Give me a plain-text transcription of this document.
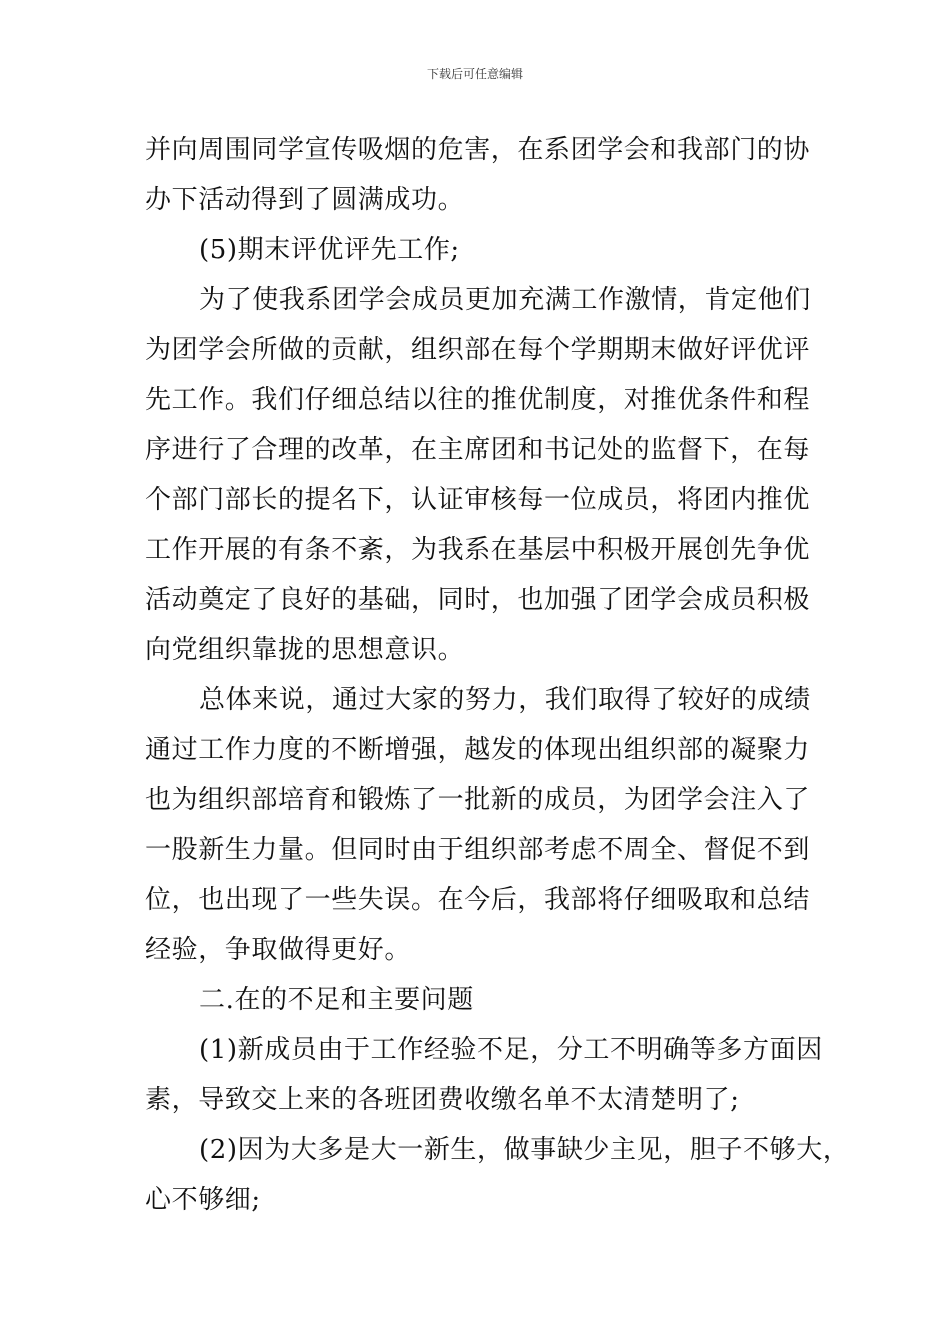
下载后可任意编辑
并向周围同学宣传吸烟的危害，在系团学会和我部门的协
办下活动得到了圆满成功。
(5)期末评优评先工作;
为了使我系团学会成员更加充满工作激情，肯定他们
为团学会所做的贡献，组织部在每个学期期末做好评优评
先工作。我们仔细总结以往的推优制度，对推优条件和程
序进行了合理的改革，在主席团和书记处的监督下，在每
个部门部长的提名下，认证审核每一位成员，将团内推优
工作开展的有条不紊，为我系在基层中积极开展创先争优
活动奠定了良好的基础，同时，也加强了团学会成员积极
向党组织靠拢的思想意识。
总体来说，通过大家的努力，我们取得了较好的成绩
通过工作力度的不断增强，越发的体现出组织部的凝聚力
也为组织部培育和锻炼了一批新的成员，为团学会注入了
一股新生力量。但同时由于组织部考虑不周全、督促不到
位，也出现了一些失误。在今后，我部将仔细吸取和总结
经验，争取做得更好。
二.在的不足和主要问题
(1)新成员由于工作经验不足，分工不明确等多方面因
素，导致交上来的各班团费收缴名单不太清楚明了;
(2)因为大多是大一新生，做事缺少主见，胆子不够大，
心不够细;
